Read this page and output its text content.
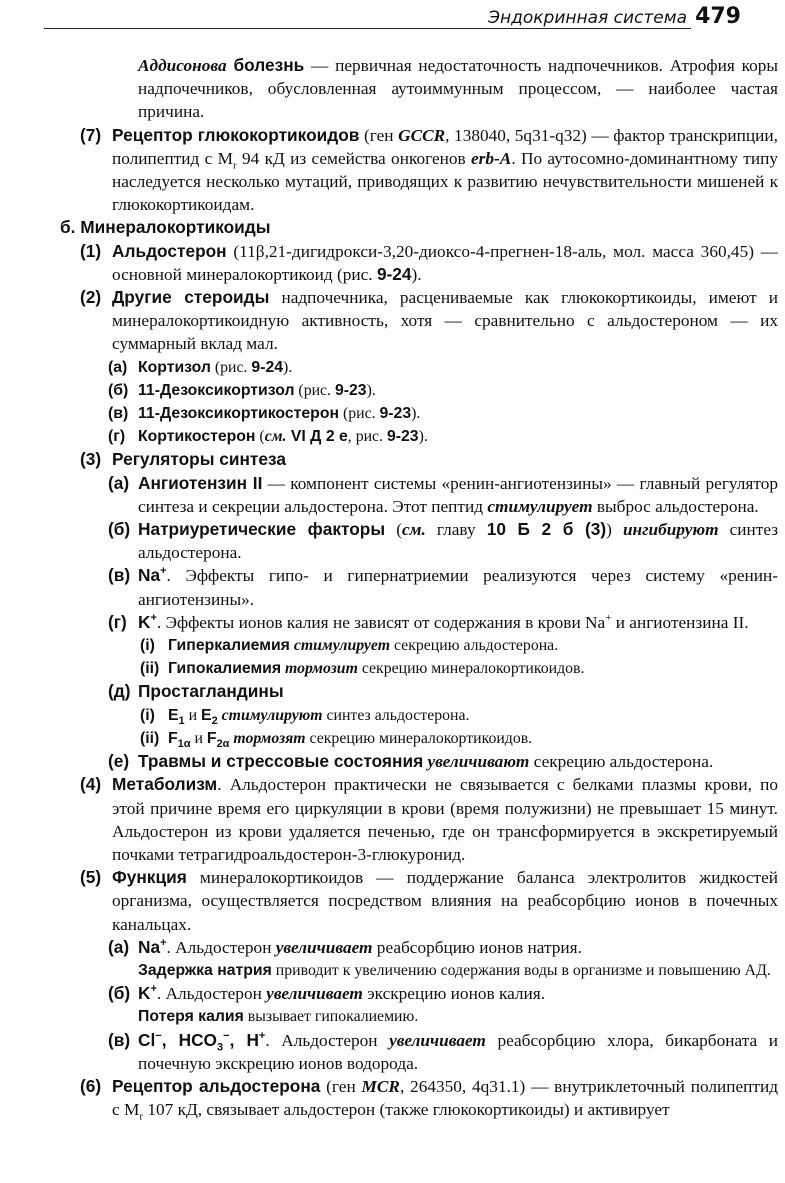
Эндокринная система 479

Аддисонова болезнь — первичная недостаточность надпочечников. Атрофия коры надпочечников, обусловленная аутоиммунным процессом, — наиболее частая причина.

(7) Рецептор глюкокортикоидов (ген GCCR, 138040, 5q31-q32) — фактор транскрипции, полипептид с $M_r$ 94 кД из семейства онкогенов erb-A. По аутосомно-доминантному типу наследуется несколько мутаций, приводящих к развитию нечувствительности мишеней к глюкокортикоидам.

б. Минералокортикоиды

(1) Альдостерон (11β,21-дигидрокси-3,20-диоксо-4-прегнен-18-аль, мол. масса 360,45) — основной минералокортикоид (рис. 9-24).

(2) Другие стероиды надпочечника, расцениваемые как глюкокортикоиды, имеют и минералокортикоидную активность, хотя — сравнительно с альдостероном — их суммарный вклад мал.

(а) Кортизол (рис. 9-24).

(б) 11-Дезоксикортизол (рис. 9-23).

(в) 11-Дезоксикортикостерон (рис. 9-23).

(г) Кортикостерон (см. VI Д 2 е, рис. 9-23).

(3) Регуляторы синтеза

(а) Ангиотензин II — компонент системы «ренин-ангиотензины» — главный регулятор синтеза и секреции альдостерона. Этот пептид стимулирует выброс альдостерона.

(б) Натриуретические факторы (см. главу 10 Б 2 б (3)) ингибируют синтез альдостерона.

(в) Na+. Эффекты гипо- и гипернатриемии реализуются через систему «ренин-ангиотензины».

(г) K+. Эффекты ионов калия не зависят от содержания в крови Na+ и ангиотензина II.

(i) Гиперкалиемия стимулирует секрецию альдостерона.

(ii) Гипокалиемия тормозит секрецию минералокортикоидов.

(д) Простагландины

(i) $E_1$ и $E_2$ стимулируют синтез альдостерона.

(ii) $F_{1\alpha}$ и $F_{2\alpha}$ тормозят секрецию минералокортикоидов.

(е) Травмы и стрессовые состояния увеличивают секрецию альдостерона.

(4) Метаболизм. Альдостерон практически не связывается с белками плазмы крови, по этой причине время его циркуляции в крови (время полужизни) не превышает 15 минут. Альдостерон из крови удаляется печенью, где он трансформируется в экскретируемый почками тетрагидроальдостерон-3-глюкуронид.

(5) Функция минералокортикоидов — поддержание баланса электролитов жидкостей организма, осуществляется посредством влияния на реабсорбцию ионов в почечных канальцах.

(а) Na+. Альдостерон увеличивает реабсорбцию ионов натрия.

Задержка натрия приводит к увеличению содержания воды в организме и повышению АД.

(б) K+. Альдостерон увеличивает экскрецию ионов калия.

Потеря калия вызывает гипокалиемию.

(в) Cl−, $HCO_3^-$, H+. Альдостерон увеличивает реабсорбцию хлора, бикарбоната и почечную экскрецию ионов водорода.

(6) Рецептор альдостерона (ген MCR, 264350, 4q31.1) — внутриклеточный полипептид с $M_r$ 107 кД, связывает альдостерон (также глюкокортикоиды) и активирует
